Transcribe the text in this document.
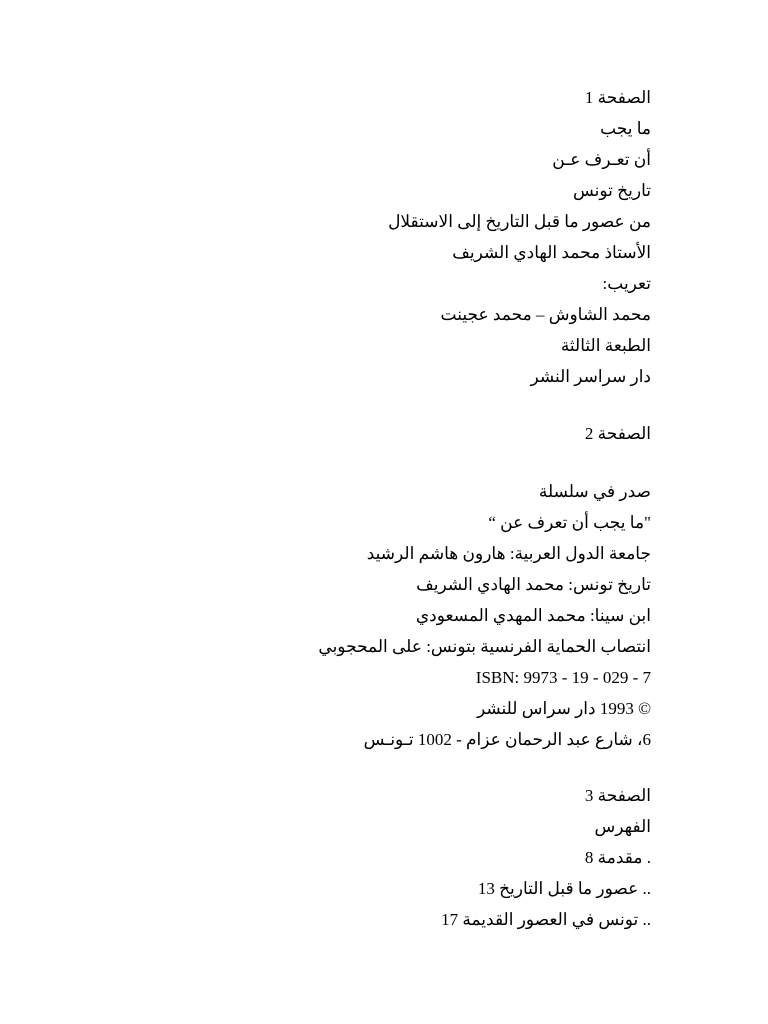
الصفحة 1
ما يجب
أن تعـرف عـن
تاريخ تونس
من عصور ما قبل التاريخ إلى الاستقلال
الأستاذ محمد الهادي الشريف
تعريب:
محمد الشاوش – محمد عجينت
الطبعة الثالثة
دار سراسر النشر
الصفحة 2
صدر في سلسلة
"ما يجب أن تعرف عن “
جامعة الدول العربية: هارون هاشم الرشيد
تاريخ تونس: محمد الهادي الشريف
ابن سينا: محمد المهدي المسعودي
انتصاب الحماية الفرنسية بتونس: على المحجوبي
ISBN: 9973 - 19 - 029 - 7
© 1993 دار سراس للنشر
6، شارع عبد الرحمان عزام - 1002 تـونـس
الصفحة 3
الفهرس
. مقدمة 8
.. عصور ما قبل التاريخ 13
.. تونس في العصور القديمة 17
